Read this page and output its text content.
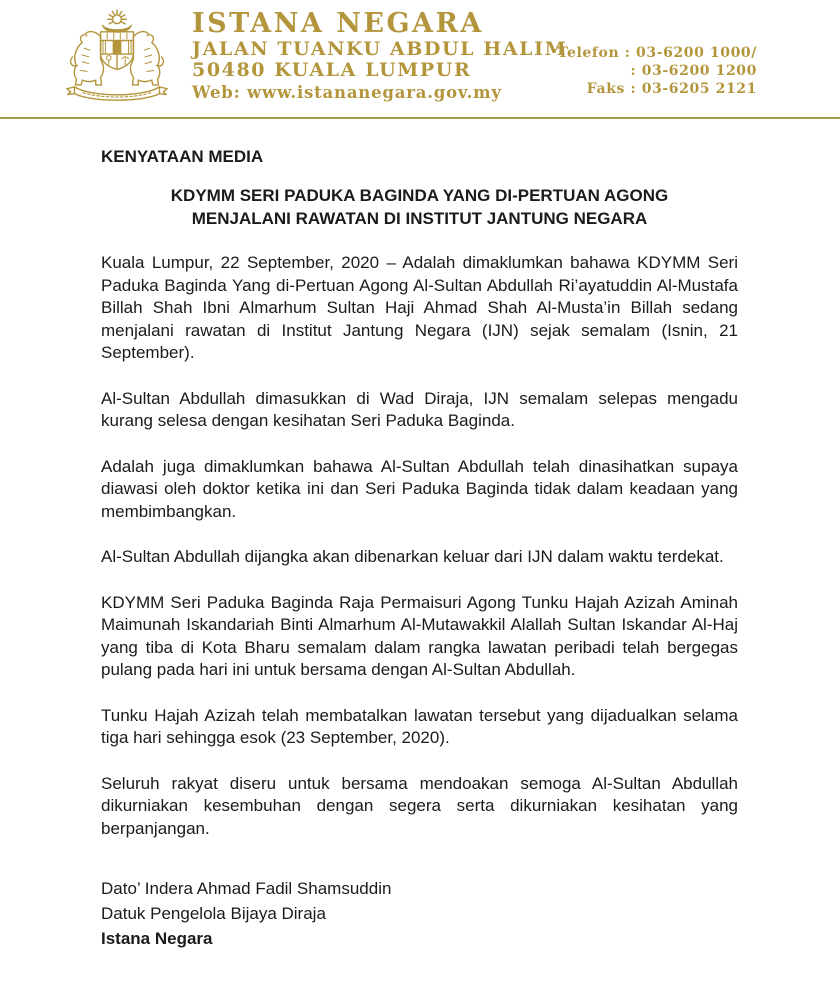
ISTANA NEGARA
JALAN TUANKU ABDUL HALIM
50480 KUALA LUMPUR
Web: www.istananegara.gov.my
Telefon : 03-6200 1000/
: 03-6200 1200
Faks : 03-6205 2121
KENYATAAN MEDIA
KDYMM SERI PADUKA BAGINDA YANG DI-PERTUAN AGONG
MENJALANI RAWATAN DI INSTITUT JANTUNG NEGARA

Kuala Lumpur, 22 September, 2020 – Adalah dimaklumkan bahawa KDYMM Seri Paduka Baginda Yang di-Pertuan Agong Al-Sultan Abdullah Ri’ayatuddin Al-Mustafa Billah Shah Ibni Almarhum Sultan Haji Ahmad Shah Al-Musta’in Billah sedang menjalani rawatan di Institut Jantung Negara (IJN) sejak semalam (Isnin, 21 September).

Al-Sultan Abdullah dimasukkan di Wad Diraja, IJN semalam selepas mengadu kurang selesa dengan kesihatan Seri Paduka Baginda.

Adalah juga dimaklumkan bahawa Al-Sultan Abdullah telah dinasihatkan supaya diawasi oleh doktor ketika ini dan Seri Paduka Baginda tidak dalam keadaan yang membimbangkan.

Al-Sultan Abdullah dijangka akan dibenarkan keluar dari IJN dalam waktu terdekat.

KDYMM Seri Paduka Baginda Raja Permaisuri Agong Tunku Hajah Azizah Aminah Maimunah Iskandariah Binti Almarhum Al-Mutawakkil Alallah Sultan Iskandar Al-Haj yang tiba di Kota Bharu semalam dalam rangka lawatan peribadi telah bergegas pulang pada hari ini untuk bersama dengan Al-Sultan Abdullah.

Tunku Hajah Azizah telah membatalkan lawatan tersebut yang dijadualkan selama tiga hari sehingga esok (23 September, 2020).

Seluruh rakyat diseru untuk bersama mendoakan semoga Al-Sultan Abdullah dikurniakan kesembuhan dengan segera serta dikurniakan kesihatan yang berpanjangan.

Dato’ Indera Ahmad Fadil Shamsuddin
Datuk Pengelola Bijaya Diraja
Istana Negara
